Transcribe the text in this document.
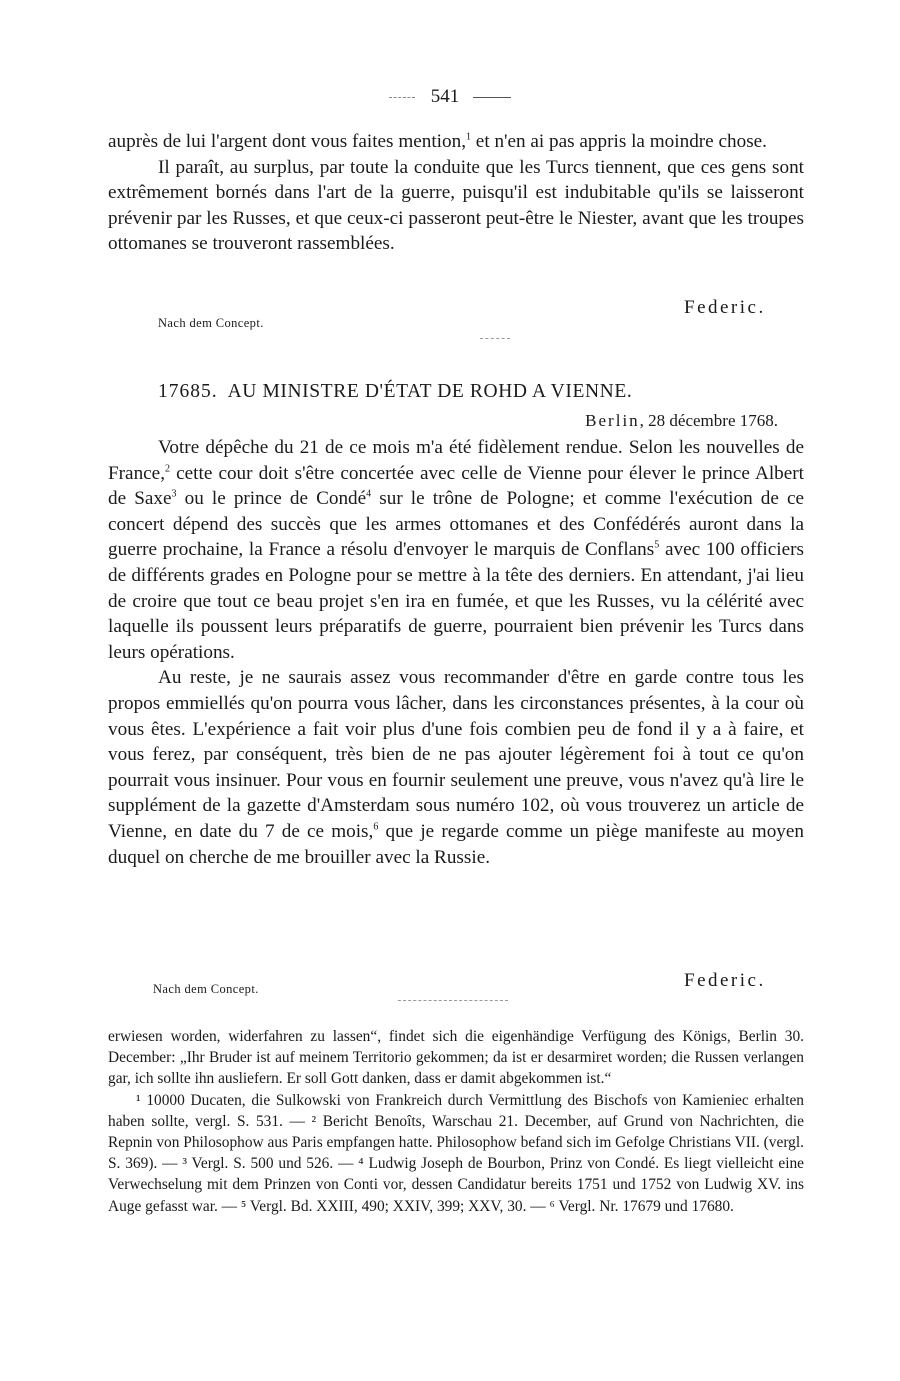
541

auprès de lui l'argent dont vous faites mention,$^1$ et n'en ai pas appris la moindre chose.

Il paraît, au surplus, par toute la conduite que les Turcs tiennent, que ces gens sont extrêmement bornés dans l'art de la guerre, puisqu'il est indubitable qu'ils se laisseront prévenir par les Russes, et que ceux-ci passeront peut-être le Niester, avant que les troupes ottomanes se trouveront rassemblées.

Federic.
Nach dem Concept.
17685. AU MINISTRE D'ÉTAT DE ROHD A VIENNE.
Berlin, 28 décembre 1768.

Votre dépêche du 21 de ce mois m'a été fidèlement rendue. Selon les nouvelles de France,$^2$ cette cour doit s'être concertée avec celle de Vienne pour élever le prince Albert de Saxe$^3$ ou le prince de Condé$^4$ sur le trône de Pologne; et comme l'exécution de ce concert dépend des succès que les armes ottomanes et des Confédérés auront dans la guerre prochaine, la France a résolu d'envoyer le marquis de Conflans$^5$ avec 100 officiers de différents grades en Pologne pour se mettre à la tête des derniers. En attendant, j'ai lieu de croire que tout ce beau projet s'en ira en fumée, et que les Russes, vu la célérité avec laquelle ils poussent leurs préparatifs de guerre, pourraient bien prévenir les Turcs dans leurs opérations.

Au reste, je ne saurais assez vous recommander d'être en garde contre tous les propos emmiellés qu'on pourra vous lâcher, dans les circonstances présentes, à la cour où vous êtes. L'expérience a fait voir plus d'une fois combien peu de fond il y a à faire, et vous ferez, par conséquent, très bien de ne pas ajouter légèrement foi à tout ce qu'on pourrait vous insinuer. Pour vous en fournir seulement une preuve, vous n'avez qu'à lire le supplément de la gazette d'Amsterdam sous numéro 102, où vous trouverez un article de Vienne, en date du 7 de ce mois,$^6$ que je regarde comme un piège manifeste au moyen duquel on cherche de me brouiller avec la Russie.

Federic.
Nach dem Concept.

erwiesen worden, widerfahren zu lassen“, findet sich die eigenhändige Verfügung des Königs, Berlin 30. December: „Ihr Bruder ist auf meinem Territorio gekommen; da ist er desarmiret worden; die Russen verlangen gar, ich sollte ihn ausliefern. Er soll Gott danken, dass er damit abgekommen ist.“

¹ 10000 Ducaten, die Sulkowski von Frankreich durch Vermittlung des Bischofs von Kamieniec erhalten haben sollte, vergl. S. 531. — ² Bericht Benoîts, Warschau 21. December, auf Grund von Nachrichten, die Repnin von Philosophow aus Paris empfangen hatte. Philosophow befand sich im Gefolge Christians VII. (vergl. S. 369). — ³ Vergl. S. 500 und 526. — ⁴ Ludwig Joseph de Bourbon, Prinz von Condé. Es liegt vielleicht eine Verwechselung mit dem Prinzen von Conti vor, dessen Candidatur bereits 1751 und 1752 von Ludwig XV. ins Auge gefasst war. — ⁵ Vergl. Bd. XXIII, 490; XXIV, 399; XXV, 30. — ⁶ Vergl. Nr. 17679 und 17680.
